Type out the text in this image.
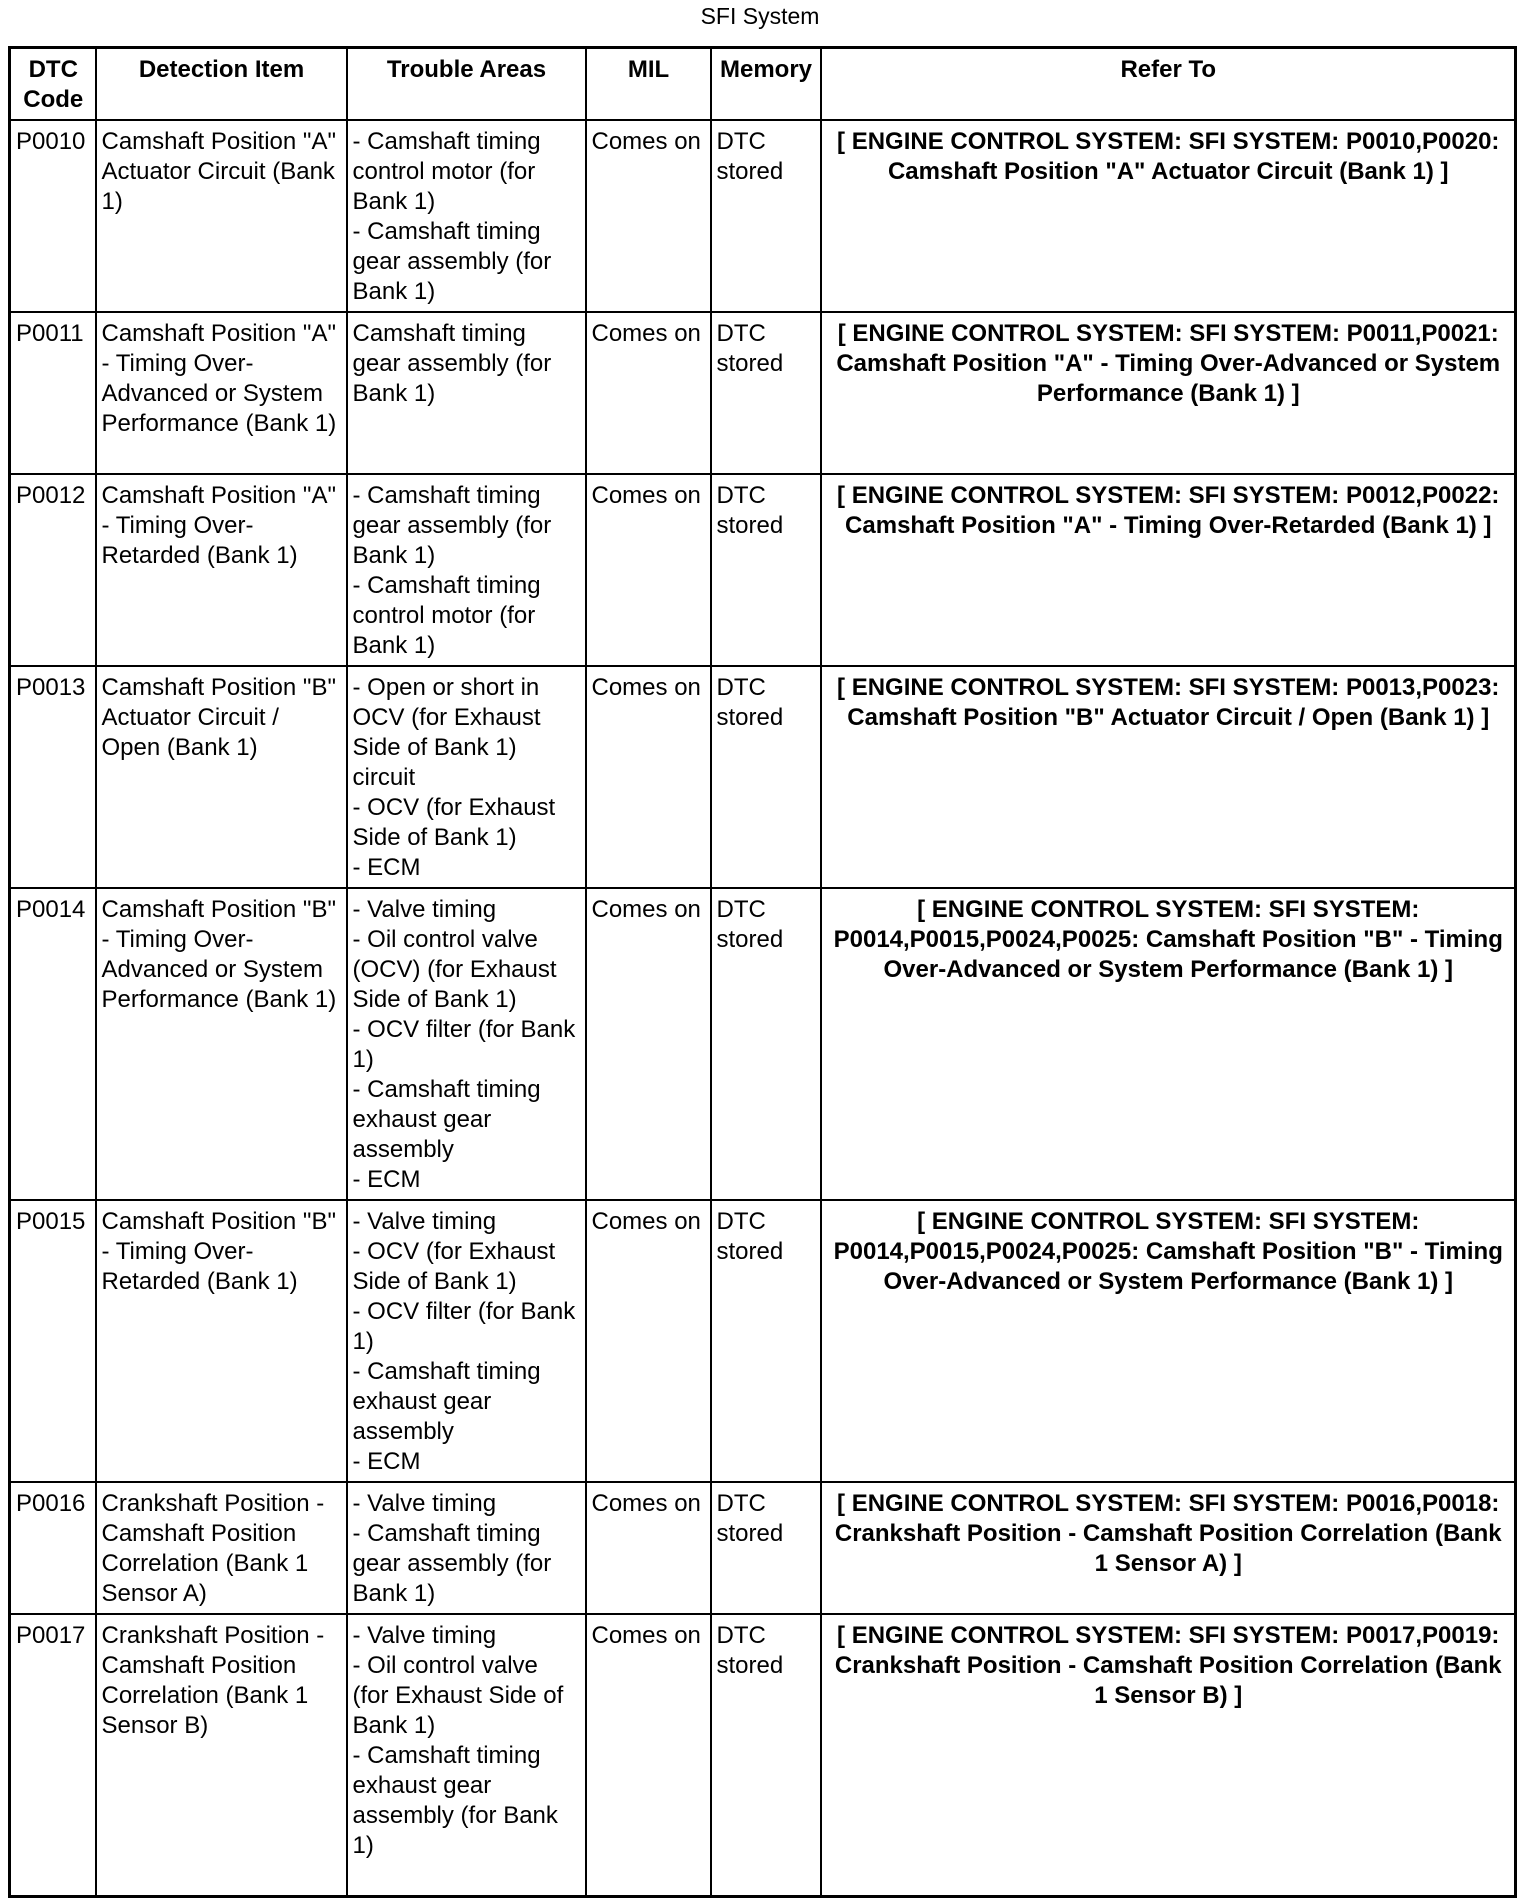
SFI System
DTC Code	Detection Item	Trouble Areas	MIL	Memory	Refer To
P0010	Camshaft Position "A" Actuator Circuit (Bank 1)	- Camshaft timing control motor (for Bank 1)
- Camshaft timing gear assembly (for Bank 1)	Comes on	DTC stored	[ ENGINE CONTROL SYSTEM: SFI SYSTEM: P0010,P0020: Camshaft Position "A" Actuator Circuit (Bank 1) ]
P0011	Camshaft Position "A" - Timing Over-Advanced or System Performance (Bank 1)	Camshaft timing gear assembly (for Bank 1)	Comes on	DTC stored	[ ENGINE CONTROL SYSTEM: SFI SYSTEM: P0011,P0021: Camshaft Position "A" - Timing Over-Advanced or System Performance (Bank 1) ]
P0012	Camshaft Position "A" - Timing Over-Retarded (Bank 1)	- Camshaft timing gear assembly (for Bank 1)
- Camshaft timing control motor (for Bank 1)	Comes on	DTC stored	[ ENGINE CONTROL SYSTEM: SFI SYSTEM: P0012,P0022: Camshaft Position "A" - Timing Over-Retarded (Bank 1) ]
P0013	Camshaft Position "B" Actuator Circuit / Open (Bank 1)	- Open or short in OCV (for Exhaust Side of Bank 1) circuit
- OCV (for Exhaust Side of Bank 1)
- ECM	Comes on	DTC stored	[ ENGINE CONTROL SYSTEM: SFI SYSTEM: P0013,P0023: Camshaft Position "B" Actuator Circuit / Open (Bank 1) ]
P0014	Camshaft Position "B" - Timing Over-Advanced or System Performance (Bank 1)	- Valve timing
- Oil control valve (OCV) (for Exhaust Side of Bank 1)
- OCV filter (for Bank 1)
- Camshaft timing exhaust gear assembly
- ECM	Comes on	DTC stored	[ ENGINE CONTROL SYSTEM: SFI SYSTEM: P0014,P0015,P0024,P0025: Camshaft Position "B" - Timing Over-Advanced or System Performance (Bank 1) ]
P0015	Camshaft Position "B" - Timing Over-Retarded (Bank 1)	- Valve timing
- OCV (for Exhaust Side of Bank 1)
- OCV filter (for Bank 1)
- Camshaft timing exhaust gear assembly
- ECM	Comes on	DTC stored	[ ENGINE CONTROL SYSTEM: SFI SYSTEM: P0014,P0015,P0024,P0025: Camshaft Position "B" - Timing Over-Advanced or System Performance (Bank 1) ]
P0016	Crankshaft Position - Camshaft Position Correlation (Bank 1 Sensor A)	- Valve timing
- Camshaft timing gear assembly (for Bank 1)	Comes on	DTC stored	[ ENGINE CONTROL SYSTEM: SFI SYSTEM: P0016,P0018: Crankshaft Position - Camshaft Position Correlation (Bank 1 Sensor A) ]
P0017	Crankshaft Position - Camshaft Position Correlation (Bank 1 Sensor B)	- Valve timing
- Oil control valve (for Exhaust Side of Bank 1)
- Camshaft timing exhaust gear assembly (for Bank 1)	Comes on	DTC stored	[ ENGINE CONTROL SYSTEM: SFI SYSTEM: P0017,P0019: Crankshaft Position - Camshaft Position Correlation (Bank 1 Sensor B) ]
